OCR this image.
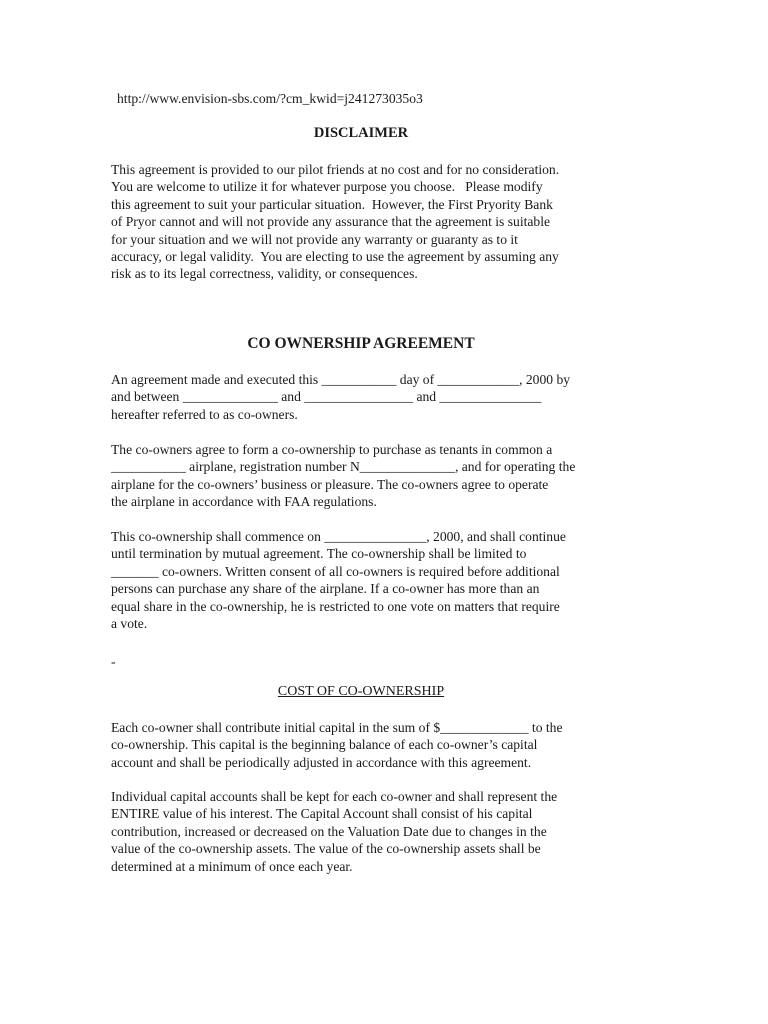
http://www.envision-sbs.com/?cm_kwid=j241273035o3
DISCLAIMER
This agreement is provided to our pilot friends at no cost and for no consideration.
You are welcome to utilize it for whatever purpose you choose.   Please modify
this agreement to suit your particular situation.  However, the First Pryority Bank
of Pryor cannot and will not provide any assurance that the agreement is suitable
for your situation and we will not provide any warranty or guaranty as to it
accuracy, or legal validity.  You are electing to use the agreement by assuming any
risk as to its legal correctness, validity, or consequences.
CO OWNERSHIP AGREEMENT
An agreement made and executed this ___________ day of ____________, 2000 by
and between ______________ and ________________ and _______________
hereafter referred to as co-owners.
The co-owners agree to form a co-ownership to purchase as tenants in common a
___________ airplane, registration number N______________, and for operating the
airplane for the co-owners’ business or pleasure. The co-owners agree to operate
the airplane in accordance with FAA regulations.
This co-ownership shall commence on _______________, 2000, and shall continue
until termination by mutual agreement. The co-ownership shall be limited to
_______ co-owners. Written consent of all co-owners is required before additional
persons can purchase any share of the airplane. If a co-owner has more than an
equal share in the co-ownership, he is restricted to one vote on matters that require
a vote.
-
COST OF CO-OWNERSHIP
Each co-owner shall contribute initial capital in the sum of $_____________ to the
co-ownership. This capital is the beginning balance of each co-owner’s capital
account and shall be periodically adjusted in accordance with this agreement.
Individual capital accounts shall be kept for each co-owner and shall represent the
ENTIRE value of his interest. The Capital Account shall consist of his capital
contribution, increased or decreased on the Valuation Date due to changes in the
value of the co-ownership assets. The value of the co-ownership assets shall be
determined at a minimum of once each year.
